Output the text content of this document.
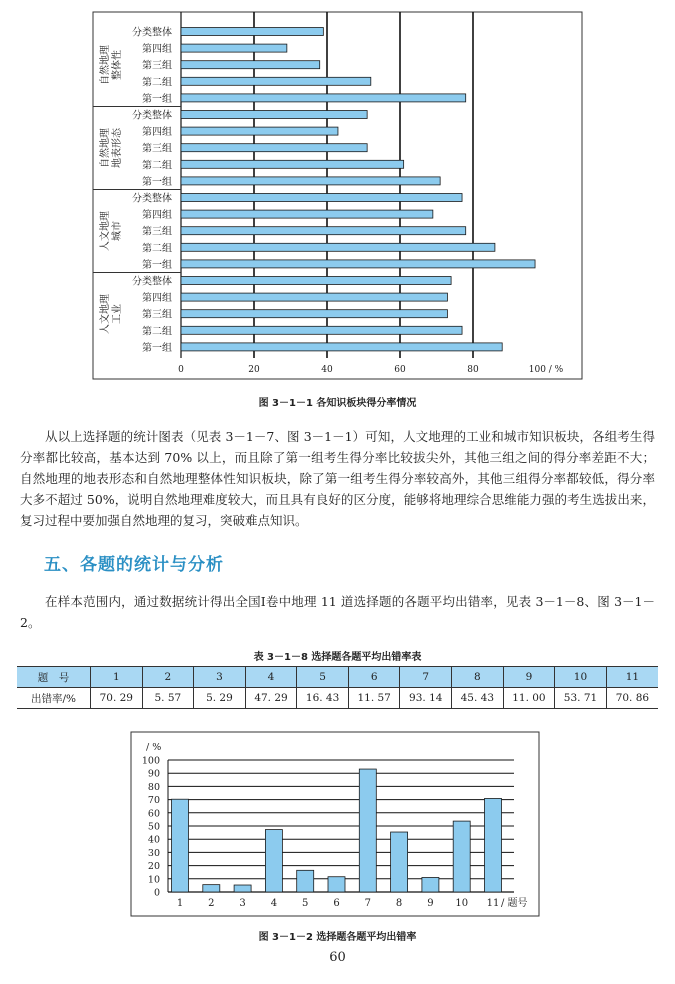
0	20	40	60	80	100 / %
自然地理整体性
分类整体
第四组
第三组
第二组
第一组
自然地理地表形态
分类整体
第四组
第三组
第二组
第一组
人文地理城市
分类整体
第四组
第三组
第二组
第一组
人文地理工业
分类整体
第四组
第三组
第二组
第一组
图 3－1－1 各知识板块得分率情况
从以上选择题的统计图表（见表 3－1－7、图 3－1－1）可知，人文地理的工业和城市知识板块，各组考生得分率都比较高，基本达到 70% 以上，而且除了第一组考生得分率比较拔尖外，其他三组之间的得分率差距不大；自然地理的地表形态和自然地理整体性知识板块，除了第一组考生得分率较高外，其他三组得分率都较低，得分率大多不超过 50%，说明自然地理难度较大，而且具有良好的区分度，能够将地理综合思维能力强的考生选拔出来，复习过程中要加强自然地理的复习，突破难点知识。
五、各题的统计与分析
在样本范围内，通过数据统计得出全国Ⅰ卷中地理 11 道选择题的各题平均出错率，见表 3－1－8、图 3－1－2。
表 3－1－8 选择题各题平均出错率表
题　号	1	2	3	4	5	6	7	8	9	10	11
出错率/%	70. 29	5. 57	5. 29	47. 29	16. 43	11. 57	93. 14	45. 43	11. 00	53. 71	70. 86
0
10
20
30
40
50
60
70
80
90
100
/ %
1 2 3 4 5 6 7 8 9 10 11 / 题号
图 3－1－2 选择题各题平均出错率
60
